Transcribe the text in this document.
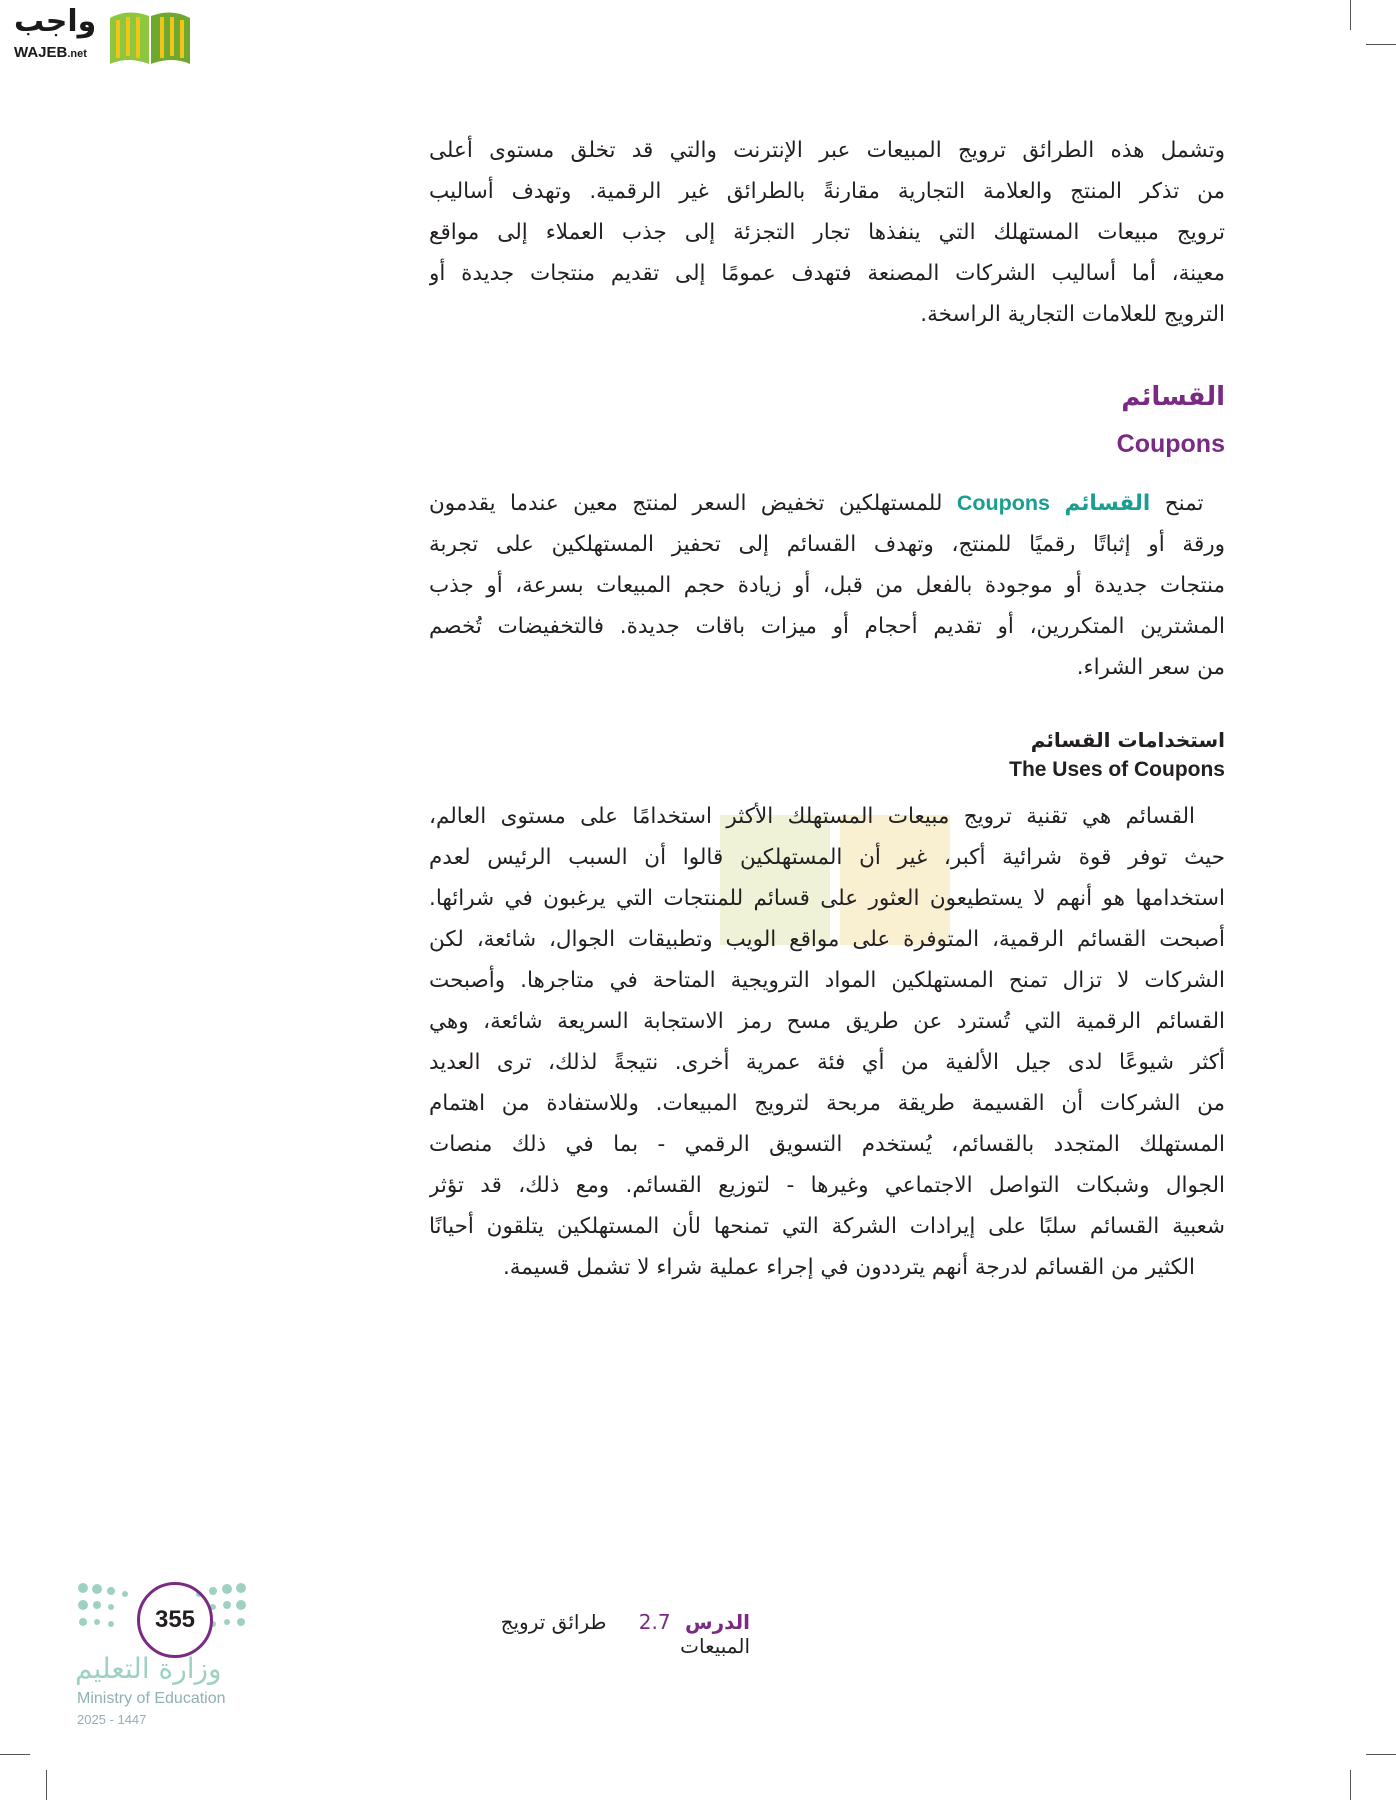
واجب
WAJEB.net
وتشمل هذه الطرائق ترويج المبيعات عبر الإنترنت والتي قد تخلق مستوى أعلى
من تذكر المنتج والعلامة التجارية مقارنةً بالطرائق غير الرقمية. وتهدف أساليب
ترويج مبيعات المستهلك التي ينفذها تجار التجزئة إلى جذب العملاء إلى مواقع
معينة، أما أساليب الشركات المصنعة فتهدف عمومًا إلى تقديم منتجات جديدة أو
الترويج للعلامات التجارية الراسخة.
القسائم
Coupons
 تمنح القسائم Coupons للمستهلكين تخفيض السعر لمنتج معين عندما يقدمون
ورقة أو إثباتًا رقميًا للمنتج، وتهدف القسائم إلى تحفيز المستهلكين على تجربة
منتجات جديدة أو موجودة بالفعل من قبل، أو زيادة حجم المبيعات بسرعة، أو جذب
المشترين المتكررين، أو تقديم أحجام أو ميزات باقات جديدة. فالتخفيضات تُخصم
من سعر الشراء.
استخدامات القسائم
The Uses of Coupons
القسائم هي تقنية ترويج مبيعات المستهلك الأكثر استخدامًا على مستوى العالم،
حيث توفر قوة شرائية أكبر، غير أن المستهلكين قالوا أن السبب الرئيس لعدم
استخدامها هو أنهم لا يستطيعون العثور على قسائم للمنتجات التي يرغبون في شرائها.
أصبحت القسائم الرقمية، المتوفرة على مواقع الويب وتطبيقات الجوال، شائعة، لكن
الشركات لا تزال تمنح المستهلكين المواد الترويجية المتاحة في متاجرها. وأصبحت
القسائم الرقمية التي تُسترد عن طريق مسح رمز الاستجابة السريعة شائعة، وهي
أكثر شيوعًا لدى جيل الألفية من أي فئة عمرية أخرى. نتيجةً لذلك، ترى العديد
من الشركات أن القسيمة طريقة مربحة لترويج المبيعات. وللاستفادة من اهتمام
المستهلك المتجدد بالقسائم، يُستخدم التسويق الرقمي - بما في ذلك منصات
الجوال وشبكات التواصل الاجتماعي وغيرها - لتوزيع القسائم. ومع ذلك، قد تؤثر
شعبية القسائم سلبًا على إيرادات الشركة التي تمنحها لأن المستهلكين يتلقون أحيانًا
الكثير من القسائم لدرجة أنهم يترددون في إجراء عملية شراء لا تشمل قسيمة.
الدرس 2.7 طرائق ترويج المبيعات
355
وزارة التعليم
Ministry of Education
2025 - 1447
